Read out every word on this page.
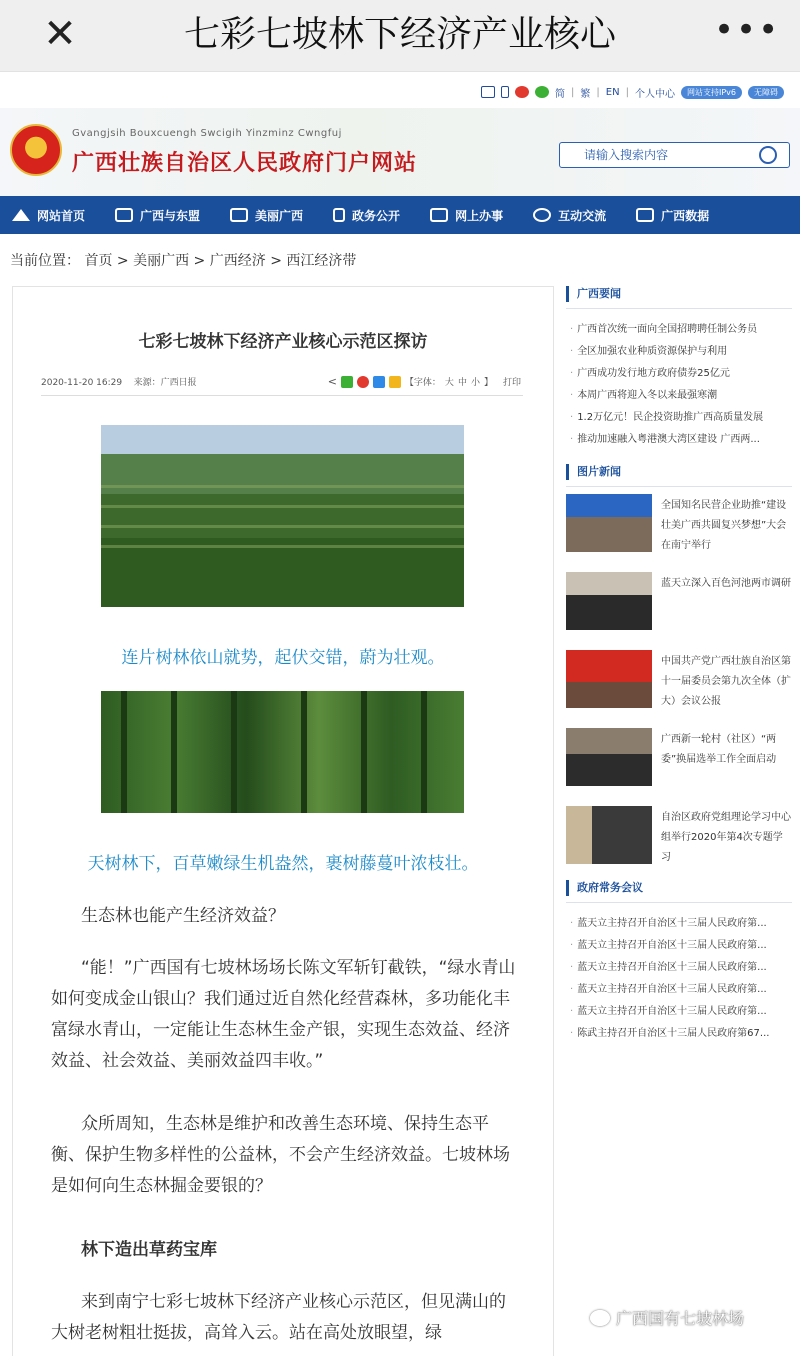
✕	七彩七坡林下经济产业核心	•••
简 | 繁 | EN | 个人中心	网站支持IPv6	无障碍
Gvangjsih Bouxcuengh Swcigih Yinzminz Cwngfuj
广西壮族自治区人民政府门户网站
请输入搜索内容
网站首页	广西与东盟	美丽广西	政务公开	网上办事	互动交流	广西数据
当前位置： 首页 > 美丽广西 > 广西经济 > 西江经济带
七彩七坡林下经济产业核心示范区探访
2020-11-20 16:29 来源：广西日报	<	【字体： 大 中 小 】 打印
连片树林依山就势，起伏交错，蔚为壮观。
天树林下，百草嫩绿生机盎然，裹树藤蔓叶浓枝壮。
生态林也能产生经济效益？
“能！”广西国有七坡林场场长陈文军斩钉截铁，“绿水青山如何变成金山银山？我们通过近自然化经营森林，多功能化丰富绿水青山，一定能让生态林生金产银，实现生态效益、经济效益、社会效益、美丽效益四丰收。”
众所周知，生态林是维护和改善生态环境、保持生态平衡、保护生物多样性的公益林，不会产生经济效益。七坡林场是如何向生态林掘金要银的？
林下造出草药宝库
来到南宁七彩七坡林下经济产业核心示范区，但见满山的大树老树粗壮挺拔，高耸入云。站在高处放眼望，绿
广西要闻
· 广西首次统一面向全国招聘聘任制公务员
· 全区加强农业种质资源保护与利用
· 广西成功发行地方政府债券25亿元
· 本周广西将迎入冬以来最强寒潮
· 1.2万亿元！民企投资助推广西高质量发展
· 推动加速融入粤港澳大湾区建设 广西两...
图片新闻
全国知名民营企业助推“建设壮美广西共圆复兴梦想”大会在南宁举行
蓝天立深入百色河池两市调研
中国共产党广西壮族自治区第十一届委员会第九次全体（扩大）会议公报
广西新一轮村（社区）“两委”换届选举工作全面启动
自治区政府党组理论学习中心组举行2020年第4次专题学习
政府常务会议
· 蓝天立主持召开自治区十三届人民政府第...
· 蓝天立主持召开自治区十三届人民政府第...
· 蓝天立主持召开自治区十三届人民政府第...
· 蓝天立主持召开自治区十三届人民政府第...
· 蓝天立主持召开自治区十三届人民政府第...
· 陈武主持召开自治区十三届人民政府第67...
广西国有七坡林场
